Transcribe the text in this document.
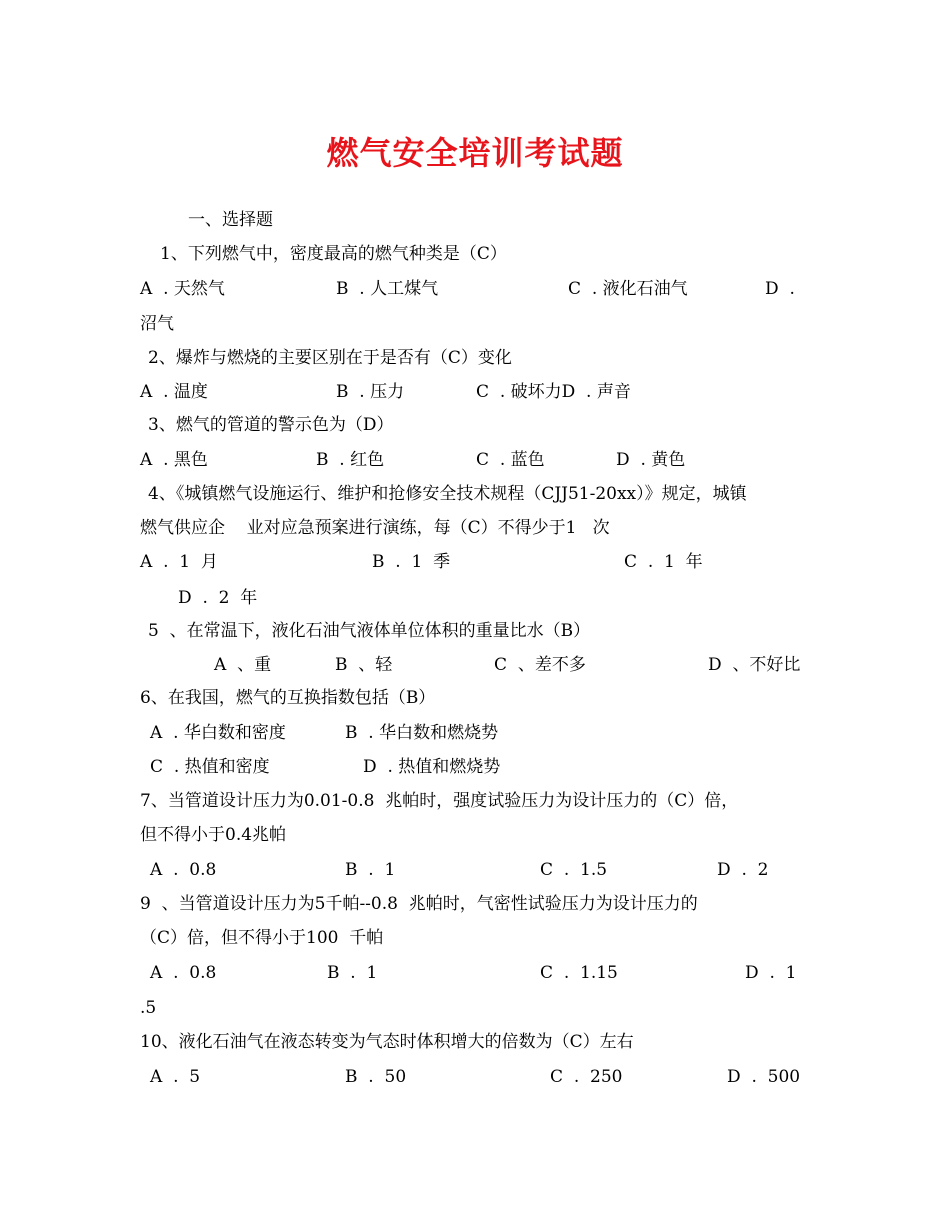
燃气安全培训考试题
一、选择题
1、下列燃气中，密度最高的燃气种类是（C）
A  . 天然气	B  . 人工煤气	C  . 液化石油气	D  .
沼气
2、爆炸与燃烧的主要区别在于是否有（C）变化
A  . 温度	B  . 压力	C  . 破坏力D  . 声音
3、燃气的管道的警示色为（D）
A  . 黑色	B  . 红色	C  . 蓝色	D  . 黄色
4、《城镇燃气设施运行、维护和抢修安全技术规程（CJJ51-20xx）》规定，城镇
燃气供应企    业对应急预案进行演练，每（C）不得少于1   次
A  .  1  月	B  .  1  季	C  .  1  年
D  .  2  年
5  、在常温下，液化石油气液体单位体积的重量比水（B）
A  、重	B  、轻	C  、差不多	D  、不好比
6、在我国，燃气的互换指数包括（B）
A  . 华白数和密度	B  . 华白数和燃烧势
C  . 热值和密度	D  . 热值和燃烧势
7、当管道设计压力为0.01-0.8  兆帕时，强度试验压力为设计压力的（C）倍，
但不得小于0.4兆帕
A  .  0.8	B  .  1	C  .  1.5	D  .  2
9  、当管道设计压力为5千帕--0.8  兆帕时，气密性试验压力为设计压力的
（C）倍，但不得小于100  千帕
A  .  0.8	B  .  1	C  .  1.15	D  .  1
.5
10、液化石油气在液态转变为气态时体积增大的倍数为（C）左右
A  .  5	B  .  50	C  .  250	D  .  500
